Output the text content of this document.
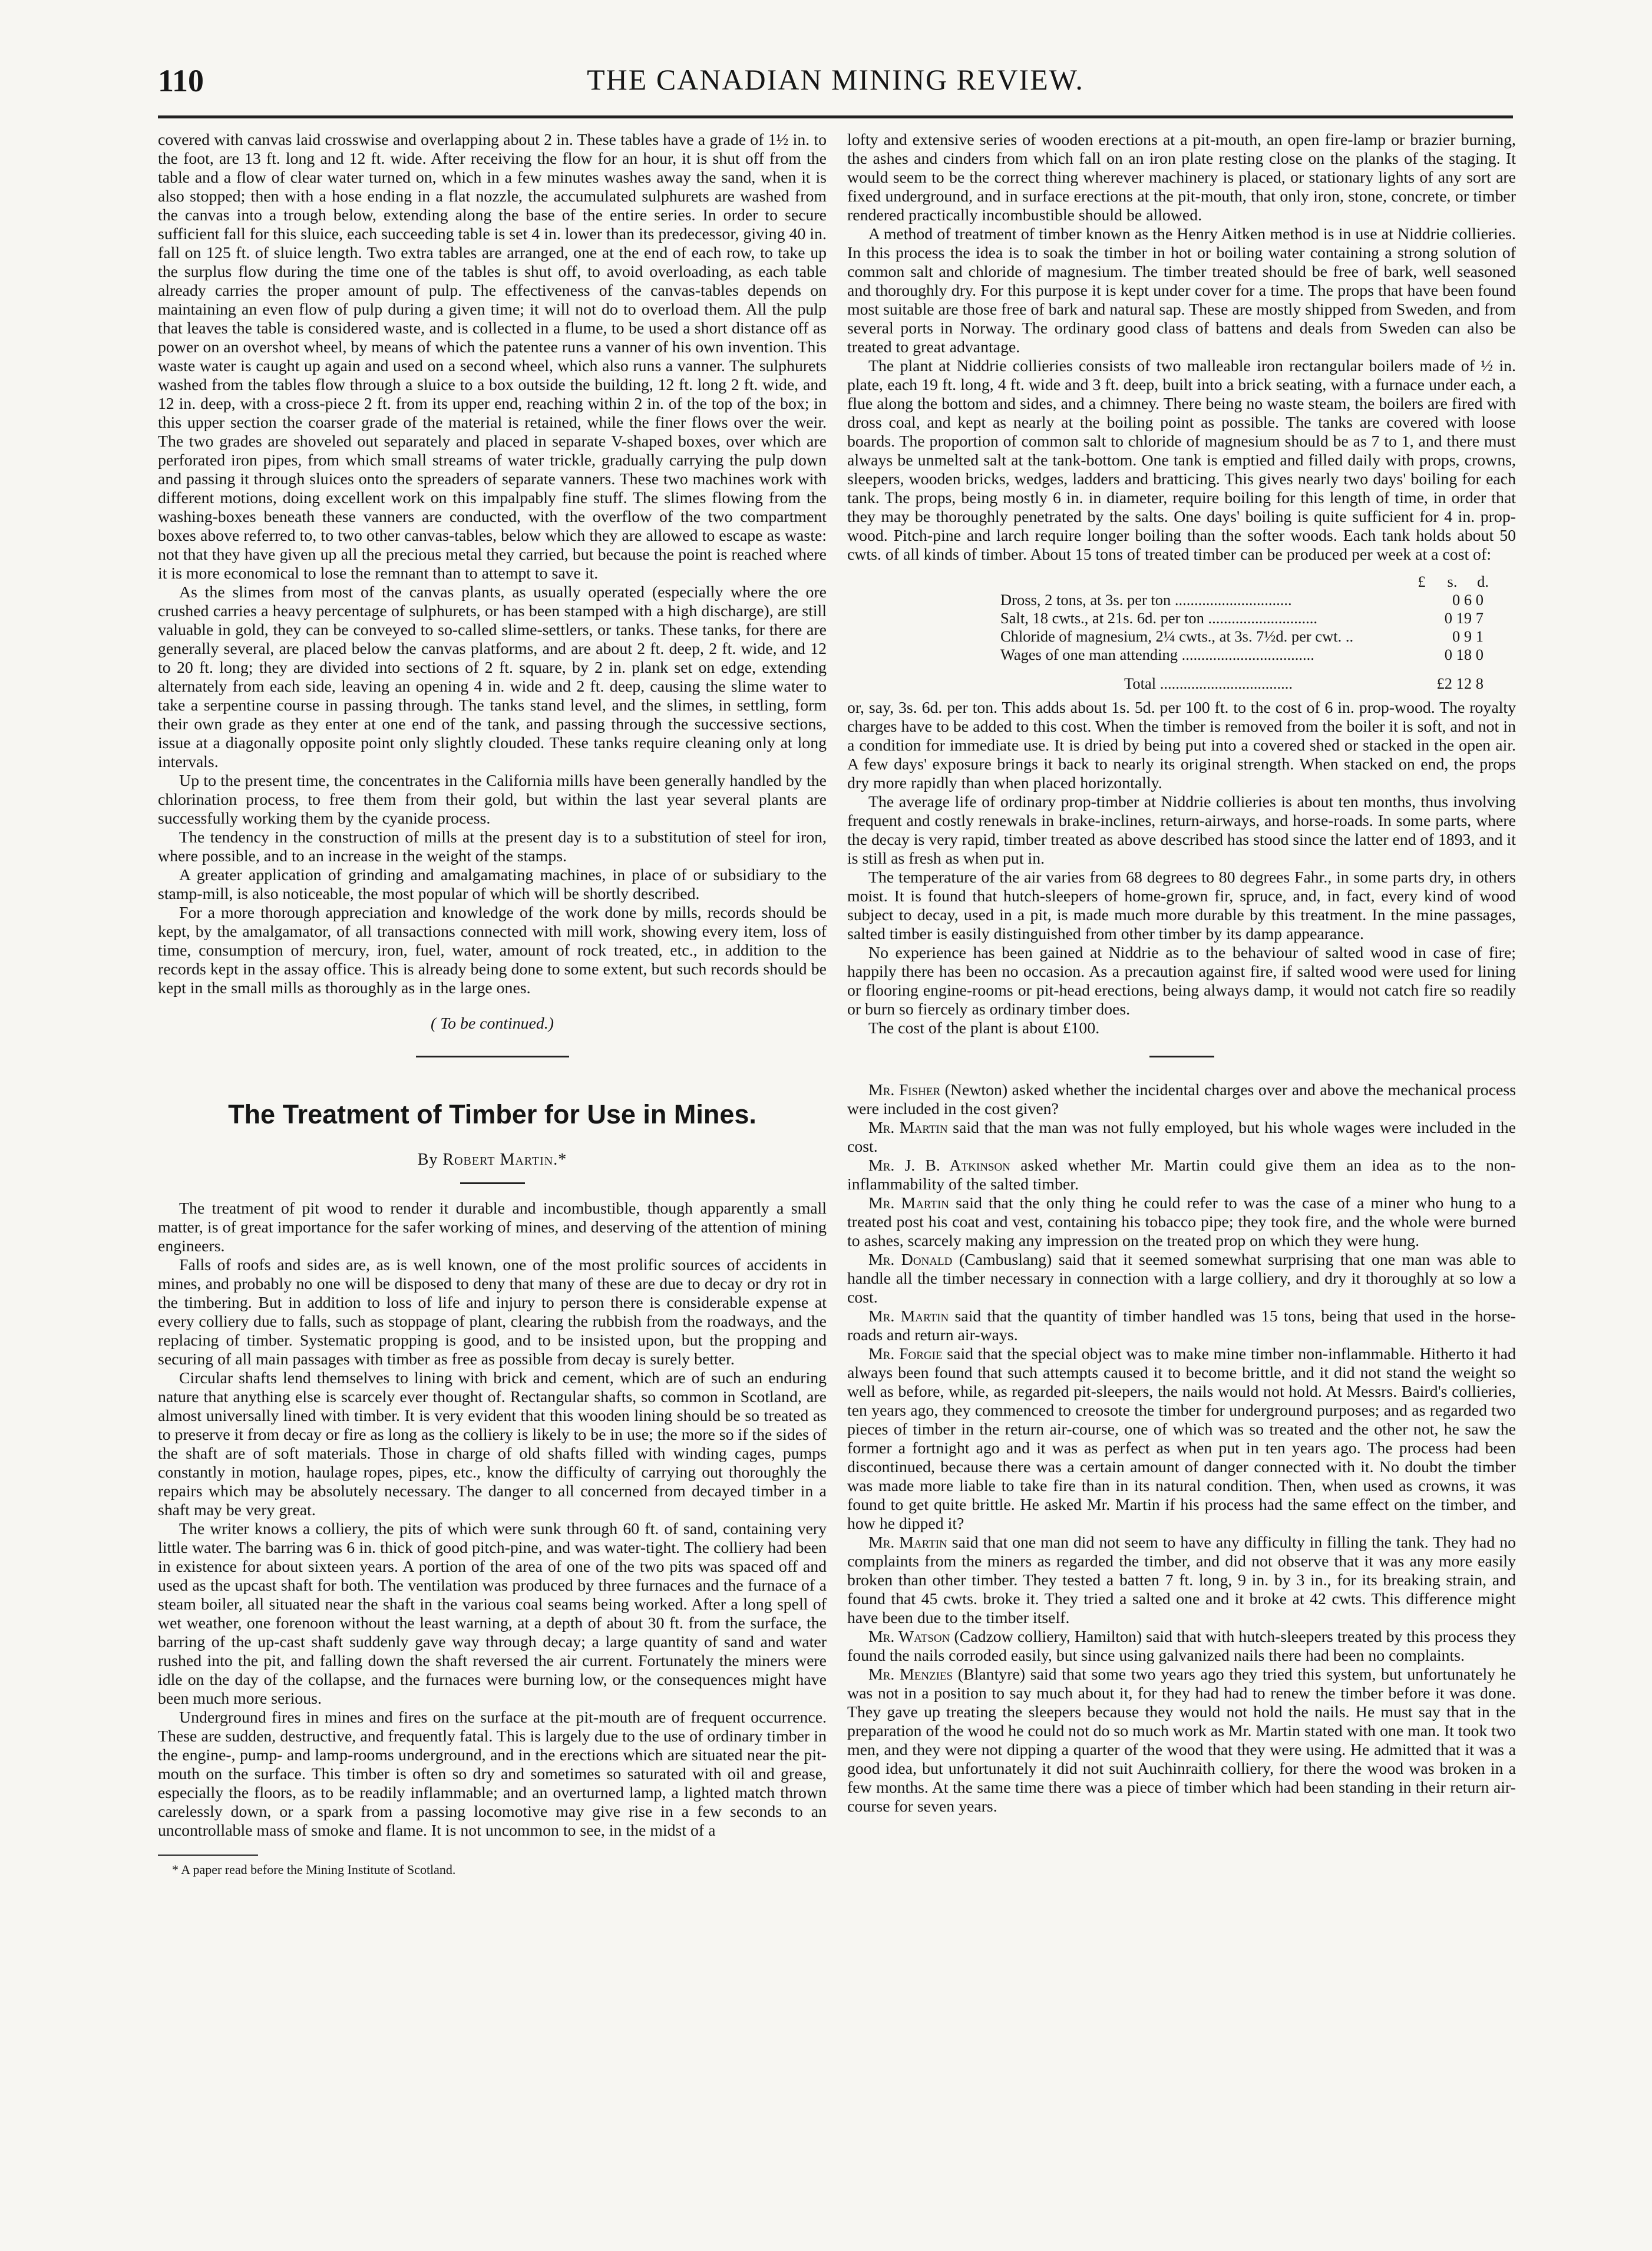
110	THE CANADIAN MINING REVIEW.

covered with canvas laid crosswise and overlapping about 2 in. These tables have a grade of 1½ in. to the foot, are 13 ft. long and 12 ft. wide. After receiving the flow for an hour, it is shut off from the table and a flow of clear water turned on, which in a few minutes washes away the sand, when it is also stopped; then with a hose ending in a flat nozzle, the accumulated sulphurets are washed from the canvas into a trough below, extending along the base of the entire series. In order to secure sufficient fall for this sluice, each succeeding table is set 4 in. lower than its predecessor, giving 40 in. fall on 125 ft. of sluice length. Two extra tables are arranged, one at the end of each row, to take up the surplus flow during the time one of the tables is shut off, to avoid overloading, as each table already carries the proper amount of pulp. The effectiveness of the canvas-tables depends on maintaining an even flow of pulp during a given time; it will not do to overload them. All the pulp that leaves the table is considered waste, and is collected in a flume, to be used a short distance off as power on an overshot wheel, by means of which the patentee runs a vanner of his own invention. This waste water is caught up again and used on a second wheel, which also runs a vanner. The sulphurets washed from the tables flow through a sluice to a box outside the building, 12 ft. long 2 ft. wide, and 12 in. deep, with a cross-piece 2 ft. from its upper end, reaching within 2 in. of the top of the box; in this upper section the coarser grade of the material is retained, while the finer flows over the weir. The two grades are shoveled out separately and placed in separate V-shaped boxes, over which are perforated iron pipes, from which small streams of water trickle, gradually carrying the pulp down and passing it through sluices onto the spreaders of separate vanners. These two machines work with different motions, doing excellent work on this impalpably fine stuff. The slimes flowing from the washing-boxes beneath these vanners are conducted, with the overflow of the two compartment boxes above referred to, to two other canvas-tables, below which they are allowed to escape as waste: not that they have given up all the precious metal they carried, but because the point is reached where it is more economical to lose the remnant than to attempt to save it.

As the slimes from most of the canvas plants, as usually operated (especially where the ore crushed carries a heavy percentage of sulphurets, or has been stamped with a high discharge), are still valuable in gold, they can be conveyed to so-called slime-settlers, or tanks. These tanks, for there are generally several, are placed below the canvas platforms, and are about 2 ft. deep, 2 ft. wide, and 12 to 20 ft. long; they are divided into sections of 2 ft. square, by 2 in. plank set on edge, extending alternately from each side, leaving an opening 4 in. wide and 2 ft. deep, causing the slime water to take a serpentine course in passing through. The tanks stand level, and the slimes, in settling, form their own grade as they enter at one end of the tank, and passing through the successive sections, issue at a diagonally opposite point only slightly clouded. These tanks require cleaning only at long intervals.

Up to the present time, the concentrates in the California mills have been generally handled by the chlorination process, to free them from their gold, but within the last year several plants are successfully working them by the cyanide process.

The tendency in the construction of mills at the present day is to a substitution of steel for iron, where possible, and to an increase in the weight of the stamps.

A greater application of grinding and amalgamating machines, in place of or subsidiary to the stamp-mill, is also noticeable, the most popular of which will be shortly described.

For a more thorough appreciation and knowledge of the work done by mills, records should be kept, by the amalgamator, of all transactions connected with mill work, showing every item, loss of time, consumption of mercury, iron, fuel, water, amount of rock treated, etc., in addition to the records kept in the assay office. This is already being done to some extent, but such records should be kept in the small mills as thoroughly as in the large ones.

( To be continued.)

The Treatment of Timber for Use in Mines.
By Robert Martin.*

The treatment of pit wood to render it durable and incombustible, though apparently a small matter, is of great importance for the safer working of mines, and deserving of the attention of mining engineers.

Falls of roofs and sides are, as is well known, one of the most prolific sources of accidents in mines, and probably no one will be disposed to deny that many of these are due to decay or dry rot in the timbering. But in addition to loss of life and injury to person there is considerable expense at every colliery due to falls, such as stoppage of plant, clearing the rubbish from the roadways, and the replacing of timber. Systematic propping is good, and to be insisted upon, but the propping and securing of all main passages with timber as free as possible from decay is surely better.

Circular shafts lend themselves to lining with brick and cement, which are of such an enduring nature that anything else is scarcely ever thought of. Rectangular shafts, so common in Scotland, are almost universally lined with timber. It is very evident that this wooden lining should be so treated as to preserve it from decay or fire as long as the colliery is likely to be in use; the more so if the sides of the shaft are of soft materials. Those in charge of old shafts filled with winding cages, pumps constantly in motion, haulage ropes, pipes, etc., know the difficulty of carrying out thoroughly the repairs which may be absolutely necessary. The danger to all concerned from decayed timber in a shaft may be very great.

The writer knows a colliery, the pits of which were sunk through 60 ft. of sand, containing very little water. The barring was 6 in. thick of good pitch-pine, and was water-tight. The colliery had been in existence for about sixteen years. A portion of the area of one of the two pits was spaced off and used as the upcast shaft for both. The ventilation was produced by three furnaces and the furnace of a steam boiler, all situated near the shaft in the various coal seams being worked. After a long spell of wet weather, one forenoon without the least warning, at a depth of about 30 ft. from the surface, the barring of the up-cast shaft suddenly gave way through decay; a large quantity of sand and water rushed into the pit, and falling down the shaft reversed the air current. Fortunately the miners were idle on the day of the collapse, and the furnaces were burning low, or the consequences might have been much more serious.

Underground fires in mines and fires on the surface at the pit-mouth are of frequent occurrence. These are sudden, destructive, and frequently fatal. This is largely due to the use of ordinary timber in the engine-, pump- and lamp-rooms underground, and in the erections which are situated near the pit-mouth on the surface. This timber is often so dry and sometimes so saturated with oil and grease, especially the floors, as to be readily inflammable; and an overturned lamp, a lighted match thrown carelessly down, or a spark from a passing locomotive may give rise in a few seconds to an uncontrollable mass of smoke and flame. It is not uncommon to see, in the midst of a

* A paper read before the Mining Institute of Scotland.

lofty and extensive series of wooden erections at a pit-mouth, an open fire-lamp or brazier burning, the ashes and cinders from which fall on an iron plate resting close on the planks of the staging. It would seem to be the correct thing wherever machinery is placed, or stationary lights of any sort are fixed underground, and in surface erections at the pit-mouth, that only iron, stone, concrete, or timber rendered practically incombustible should be allowed.

A method of treatment of timber known as the Henry Aitken method is in use at Niddrie collieries. In this process the idea is to soak the timber in hot or boiling water containing a strong solution of common salt and chloride of magnesium. The timber treated should be free of bark, well seasoned and thoroughly dry. For this purpose it is kept under cover for a time. The props that have been found most suitable are those free of bark and natural sap. These are mostly shipped from Sweden, and from several ports in Norway. The ordinary good class of battens and deals from Sweden can also be treated to great advantage.

The plant at Niddrie collieries consists of two malleable iron rectangular boilers made of ½ in. plate, each 19 ft. long, 4 ft. wide and 3 ft. deep, built into a brick seating, with a furnace under each, a flue along the bottom and sides, and a chimney. There being no waste steam, the boilers are fired with dross coal, and kept as nearly at the boiling point as possible. The tanks are covered with loose boards. The proportion of common salt to chloride of magnesium should be as 7 to 1, and there must always be unmelted salt at the tank-bottom. One tank is emptied and filled daily with props, crowns, sleepers, wooden bricks, wedges, ladders and bratticing. This gives nearly two days' boiling for each tank. The props, being mostly 6 in. in diameter, require boiling for this length of time, in order that they may be thoroughly penetrated by the salts. One days' boiling is quite sufficient for 4 in. prop-wood. Pitch-pine and larch require longer boiling than the softer woods. Each tank holds about 50 cwts. of all kinds of timber. About 15 tons of treated timber can be produced per week at a cost of:

£	s.	d.
Dross, 2 tons, at 3s. per ton ..............................	0 6 0
Salt, 18 cwts., at 21s. 6d. per ton ............................	0 19 7
Chloride of magnesium, 2¼ cwts., at 3s. 7½d. per cwt. ..	0 9 1
Wages of one man attending ..................................	0 18 0
Total ..................................	£2 12 8

or, say, 3s. 6d. per ton. This adds about 1s. 5d. per 100 ft. to the cost of 6 in. prop-wood. The royalty charges have to be added to this cost. When the timber is removed from the boiler it is soft, and not in a condition for immediate use. It is dried by being put into a covered shed or stacked in the open air. A few days' exposure brings it back to nearly its original strength. When stacked on end, the props dry more rapidly than when placed horizontally.

The average life of ordinary prop-timber at Niddrie collieries is about ten months, thus involving frequent and costly renewals in brake-inclines, return-airways, and horse-roads. In some parts, where the decay is very rapid, timber treated as above described has stood since the latter end of 1893, and it is still as fresh as when put in.

The temperature of the air varies from 68 degrees to 80 degrees Fahr., in some parts dry, in others moist. It is found that hutch-sleepers of home-grown fir, spruce, and, in fact, every kind of wood subject to decay, used in a pit, is made much more durable by this treatment. In the mine passages, salted timber is easily distinguished from other timber by its damp appearance.

No experience has been gained at Niddrie as to the behaviour of salted wood in case of fire; happily there has been no occasion. As a precaution against fire, if salted wood were used for lining or flooring engine-rooms or pit-head erections, being always damp, it would not catch fire so readily or burn so fiercely as ordinary timber does.

The cost of the plant is about £100.

Mr. Fisher (Newton) asked whether the incidental charges over and above the mechanical process were included in the cost given?

Mr. Martin said that the man was not fully employed, but his whole wages were included in the cost.

Mr. J. B. Atkinson asked whether Mr. Martin could give them an idea as to the non-inflammability of the salted timber.

Mr. Martin said that the only thing he could refer to was the case of a miner who hung to a treated post his coat and vest, containing his tobacco pipe; they took fire, and the whole were burned to ashes, scarcely making any impression on the treated prop on which they were hung.

Mr. Donald (Cambuslang) said that it seemed somewhat surprising that one man was able to handle all the timber necessary in connection with a large colliery, and dry it thoroughly at so low a cost.

Mr. Martin said that the quantity of timber handled was 15 tons, being that used in the horse-roads and return air-ways.

Mr. Forgie said that the special object was to make mine timber non-inflammable. Hitherto it had always been found that such attempts caused it to become brittle, and it did not stand the weight so well as before, while, as regarded pit-sleepers, the nails would not hold. At Messrs. Baird's collieries, ten years ago, they commenced to creosote the timber for underground purposes; and as regarded two pieces of timber in the return air-course, one of which was so treated and the other not, he saw the former a fortnight ago and it was as perfect as when put in ten years ago. The process had been discontinued, because there was a certain amount of danger connected with it. No doubt the timber was made more liable to take fire than in its natural condition. Then, when used as crowns, it was found to get quite brittle. He asked Mr. Martin if his process had the same effect on the timber, and how he dipped it?

Mr. Martin said that one man did not seem to have any difficulty in filling the tank. They had no complaints from the miners as regarded the timber, and did not observe that it was any more easily broken than other timber. They tested a batten 7 ft. long, 9 in. by 3 in., for its breaking strain, and found that 45 cwts. broke it. They tried a salted one and it broke at 42 cwts. This difference might have been due to the timber itself.

Mr. Watson (Cadzow colliery, Hamilton) said that with hutch-sleepers treated by this process they found the nails corroded easily, but since using galvanized nails there had been no complaints.

Mr. Menzies (Blantyre) said that some two years ago they tried this system, but unfortunately he was not in a position to say much about it, for they had had to renew the timber before it was done. They gave up treating the sleepers because they would not hold the nails. He must say that in the preparation of the wood he could not do so much work as Mr. Martin stated with one man. It took two men, and they were not dipping a quarter of the wood that they were using. He admitted that it was a good idea, but unfortunately it did not suit Auchinraith colliery, for there the wood was broken in a few months. At the same time there was a piece of timber which had been standing in their return air-course for seven years.
